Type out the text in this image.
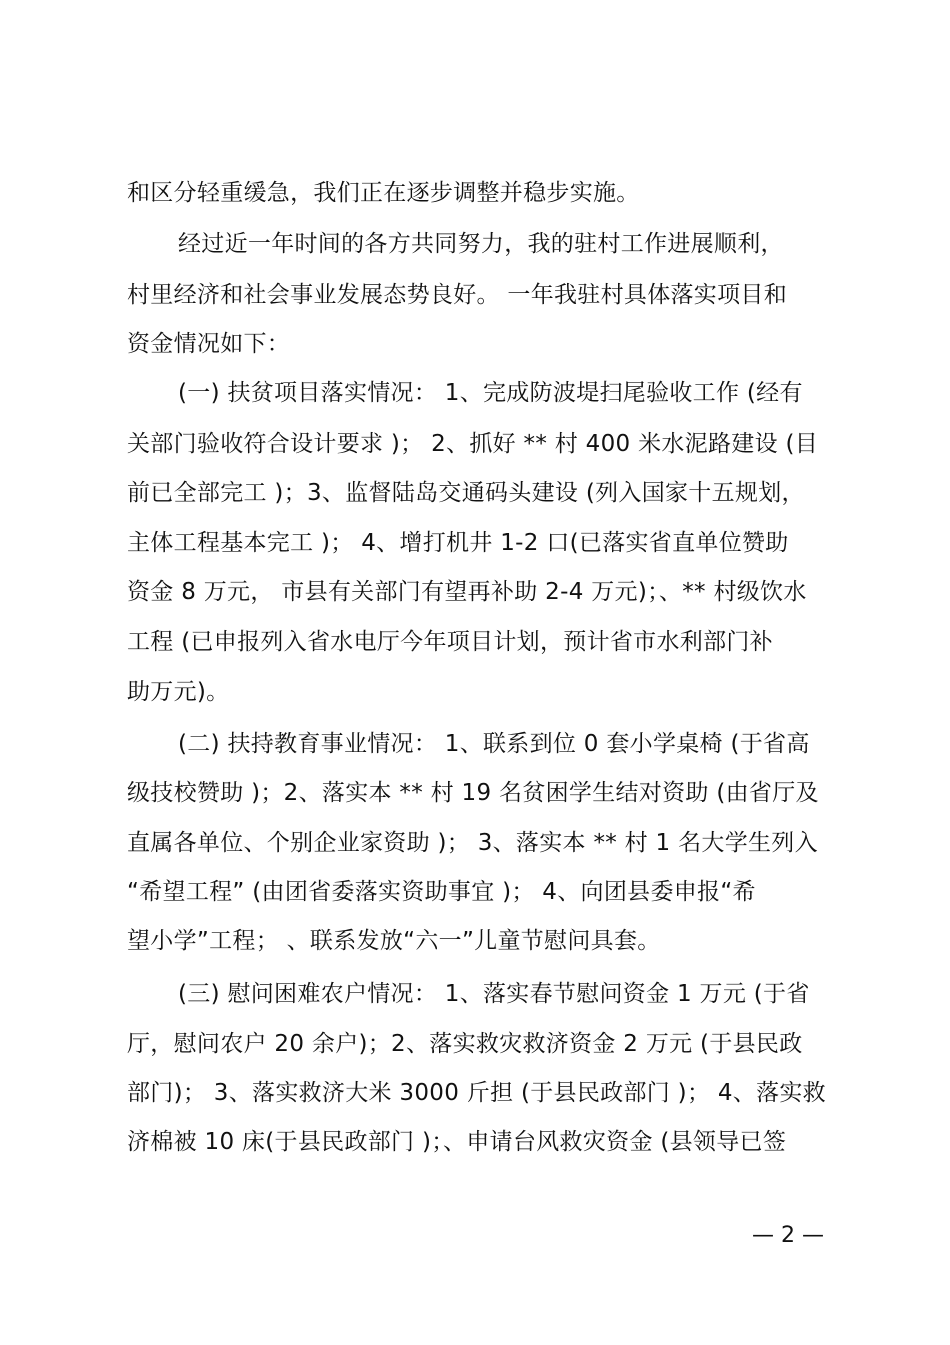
和区分轻重缓急，我们正在逐步调整并稳步实施。
经过近一年时间的各方共同努力，我的驻村工作进展顺利，
村里经济和社会事业发展态势良好。 一年我驻村具体落实项目和
资金情况如下：
(一) 扶贫项目落实情况： 1、完成防波堤扫尾验收工作 (经有
关部门验收符合设计要求 )； 2、抓好 ** 村 400 米水泥路建设 (目
前已全部完工 )；3、监督陆岛交通码头建设 (列入国家十五规划，
主体工程基本完工 )； 4、增打机井 1-2 口(已落实省直单位赞助
资金 8 万元， 市县有关部门有望再补助 2-4 万元)；、** 村级饮水
工程 (已申报列入省水电厅今年项目计划，预计省市水利部门补
助万元)。
(二) 扶持教育事业情况： 1、联系到位 0 套小学桌椅 (于省高
级技校赞助 )；2、落实本 ** 村 19 名贫困学生结对资助 (由省厅及
直属各单位、个别企业家资助 )； 3、落实本 ** 村 1 名大学生列入
“希望工程” (由团省委落实资助事宜 )； 4、向团县委申报“希
望小学”工程； 、联系发放“六一”儿童节慰问具套。
(三) 慰问困难农户情况： 1、落实春节慰问资金 1 万元 (于省
厅，慰问农户 20 余户)；2、落实救灾救济资金 2 万元 (于县民政
部门)； 3、落实救济大米 3000 斤担 (于县民政部门 )； 4、落实救
济棉被 10 床(于县民政部门 )；、申请台风救灾资金 (县领导已签
— 2 —
